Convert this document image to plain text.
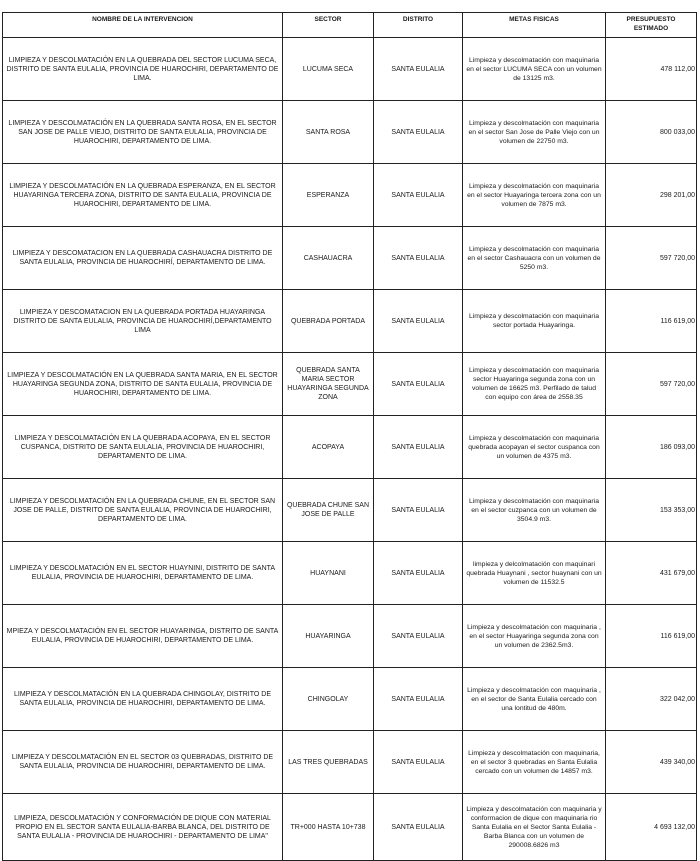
NOMBRE DE LA INTERVENCION	SECTOR	DISTRITO	METAS FISICAS	PRESUPUESTO ESTIMADO
LIMPIEZA Y DESCOLMATACIÓN EN LA QUEBRADA DEL SECTOR LUCUMA SECA, DISTRITO DE SANTA EULALIA, PROVINCIA DE HUAROCHIRI, DEPARTAMENTO DE LIMA.	LUCUMA SECA	SANTA EULALIA	Limpieza y descolmatación con maquinaria en el sector LUCUMA SECA con un volumen de 13125 m3.	478 112,00
LIMPIEZA Y DESCOLMATACIÓN EN LA QUEBRADA SANTA ROSA, EN EL SECTOR SAN JOSE DE PALLE VIEJO, DISTRITO DE SANTA EULALIA, PROVINCIA DE HUAROCHIRI, DEPARTAMENTO DE LIMA.	SANTA ROSA	SANTA EULALIA	Limpieza y descolmatación con maquinaria en el sector San Jose de Palle Viejo con un volumen de 22750 m3.	800 033,00
LIMPIEZA Y DESCOLMATACIÓN EN LA QUEBRADA ESPERANZA, EN EL SECTOR HUAYARINGA TERCERA ZONA, DISTRITO DE SANTA EULALIA, PROVINCIA DE HUAROCHIRI, DEPARTAMENTO DE LIMA.	ESPERANZA	SANTA EULALIA	Limpieza y descolmatación con maquinaria en el sector Huayaringa tercera zona con un volumen de 7875 m3.	298 201,00
LIMPIEZA Y DESCOMATACION EN LA QUEBRADA CASHAUACRA DISTRITO DE SANTA EULALIA, PROVINCIA DE HUAROCHIRÍ, DEPARTAMENTO DE LIMA.	CASHAUACRA	SANTA EULALIA	Limpieza y descolmatación con maquinaria en el sector Cashauacra con un volumen de 5250 m3.	597 720,00
LIMPIEZA Y DESCOMATACION EN LA QUEBRADA PORTADA HUAYARINGA DISTRITO DE SANTA EULALIA, PROVINCIA DE HUAROCHIRÍ,DEPARTAMENTO LIMA	QUEBRADA PORTADA	SANTA EULALIA	Limpieza y descolmatación con maquinaria sector portada Huayaringa.	116 619,00
LIMPIEZA Y DESCOLMATACIÓN EN LA QUEBRADA SANTA MARIA, EN EL SECTOR HUAYARINGA SEGUNDA ZONA, DISTRITO DE SANTA EULALIA, PROVINCIA DE HUAROCHIRI, DEPARTAMENTO DE LIMA.	QUEBRADA SANTA MARIA SECTOR HUAYARINGA SEGUNDA ZONA	SANTA EULALIA	Limpieza y descolmatación con maquinaria sector Huayaringa segunda zona con un volumen de 16625 m3. Perfilado de talud con equipo con área de 2558.35	597 720,00
LIMPIEZA Y DESCOLMATACIÓN EN LA QUEBRADA ACOPAYA, EN EL SECTOR CUSPANCA, DISTRITO DE SANTA EULALIA, PROVINCIA DE HUAROCHIRI, DEPARTAMENTO DE LIMA.	ACOPAYA	SANTA EULALIA	Limpieza y descolmatación con maquinaria quebrada acopayan el sector cuspanca con un volumen de 4375 m3.	186 093,00
LIMPIEZA Y DESCOLMATACIÓN EN LA QUEBRADA CHUNE, EN EL SECTOR SAN JOSE DE PALLE, DISTRITO DE SANTA EULALIA, PROVINCIA DE HUAROCHIRI, DEPARTAMENTO DE LIMA.	QUEBRADA CHUNE SAN JOSE DE PALLE	SANTA EULALIA	Limpieza y descolmatación con maquinaria en el sector cuzpanca con un volumen de 3504.9 m3.	153 353,00
LIMPIEZA Y DESCOLMATACIÓN EN EL SECTOR HUAYNINI, DISTRITO DE SANTA EULALIA, PROVINCIA DE HUAROCHIRI, DEPARTAMENTO DE LIMA.	HUAYNANI	SANTA EULALIA	limpieza y delcolmatación con maquinari quebrada Huaynani , sector huaynani con un volumen de 11532.5	431 679,00
MPIEZA Y DESCOLMATACIÓN EN EL SECTOR HUAYARINGA, DISTRITO DE SANTA EULALIA, PROVINCIA DE HUAROCHIRI, DEPARTAMENTO DE LIMA.	HUAYARINGA	SANTA EULALIA	Limpieza y descolmatación con maquinaria , en el sector Huayaringa segunda zona con un volumen de 2362.5m3.	116 619,00
LIMPIEZA Y DESCOLMATACIÓN EN LA QUEBRADA CHINGOLAY, DISTRITO DE SANTA EULALIA, PROVINCIA DE HUAROCHIRI, DEPARTAMENTO DE LIMA.	CHINGOLAY	SANTA EULALIA	Limpieza y descolmatación con maquinaria , en el sector de Santa Eulalia cercado con una lontitud de 480m.	322 042,00
LIMPIEZA Y DESCOLMATACIÓN EN EL SECTOR 03 QUEBRADAS, DISTRITO DE SANTA EULALIA, PROVINCIA DE HUAROCHIRI, DEPARTAMENTO DE LIMA.	LAS TRES QUEBRADAS	SANTA EULALIA	Limpieza y descolmatación con maquinaria, en el sector 3 quebradas en Santa Eulalia cercado con un volumen de 14857 m3.	439 340,00
LIMPIEZA, DESCOLMATACIÓN Y CONFORMACIÓN DE DIQUE CON MATERIAL PROPIO EN EL SECTOR SANTA EULALIA-BARBA BLANCA, DEL DISTRITO DE SANTA EULALIA - PROVINCIA DE HUAROCHIRI - DEPARTAMENTO DE LIMA"	TR+000 HASTA 10+738	SANTA EULALIA	Limpieza y descolmatación con maquinaria y conformacion de dique con maquinaria rio Santa Eulalia en el Sector Santa Eulalia - Barba Blanca con un volumen de 290008.6826 m3	4 693 132,00
